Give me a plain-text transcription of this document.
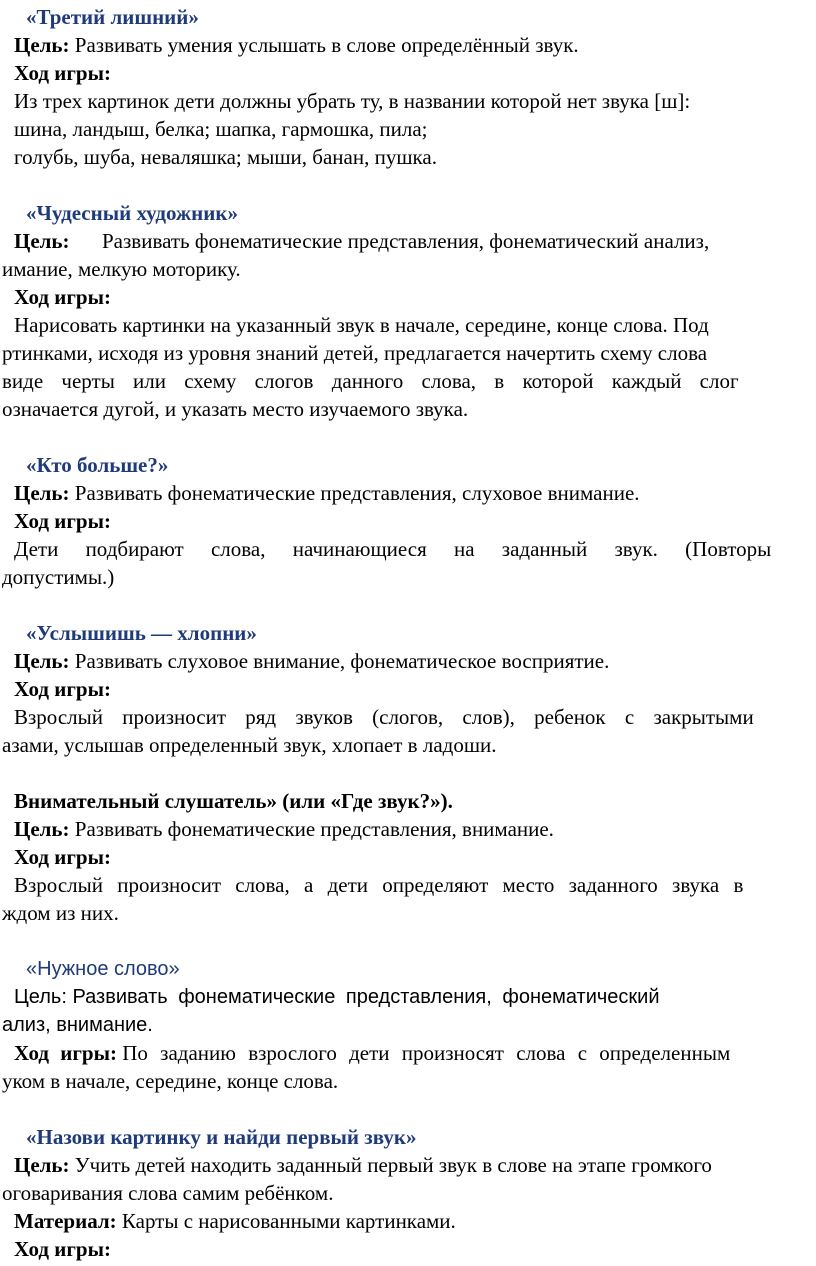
«Третий лишний»
Цель: Развивать умения услышать в слове определённый звук.
Ход игры:
Из трех картинок дети должны убрать ту, в названии которой нет звука [ш]:
шина, ландыш, белка; шапка, гармошка, пила;
голубь, шуба, неваляшка; мыши, банан, пушка.
«Чудесный художник»
Цель: Развивать фонематические представления, фонематический анализ,
имание, мелкую моторику.
Ход игры:
Нарисовать картинки на указанный звук в начале, середине, конце слова. Под
ртинками, исходя из уровня знаний детей, предлагается начертить схему слова
виде черты или схему слогов данного слова, в которой каждый слог
означается дугой, и указать место изучаемого звука.
«Кто больше?»
Цель: Развивать фонематические представления, слуховое внимание.
Ход игры:
Дети подбирают слова, начинающиеся на заданный звук. (Повторы
допустимы.)
«Услышишь — хлопни»
Цель: Развивать слуховое внимание, фонематическое восприятие.
Ход игры:
Взрослый произносит ряд звуков (слогов, слов), ребенок с закрытыми
азами, услышав определенный звук, хлопает в ладоши.
Внимательный слушатель» (или «Где звук?»).
Цель: Развивать фонематические представления, внимание.
Ход игры:
Взрослый произносит слова, а дети определяют место заданного звука в
ждом из них.
«Нужное слово»
Цель: Развивать фонематические представления, фонематический
ализ, внимание.
Ход игры: По заданию взрослого дети произносят слова с определенным
уком в начале, середине, конце слова.
«Назови картинку и найди первый звук»
Цель: Учить детей находить заданный первый звук в слове на этапе громкого
оговаривания слова самим ребёнком.
Материал: Карты с нарисованными картинками.
Ход игры:
